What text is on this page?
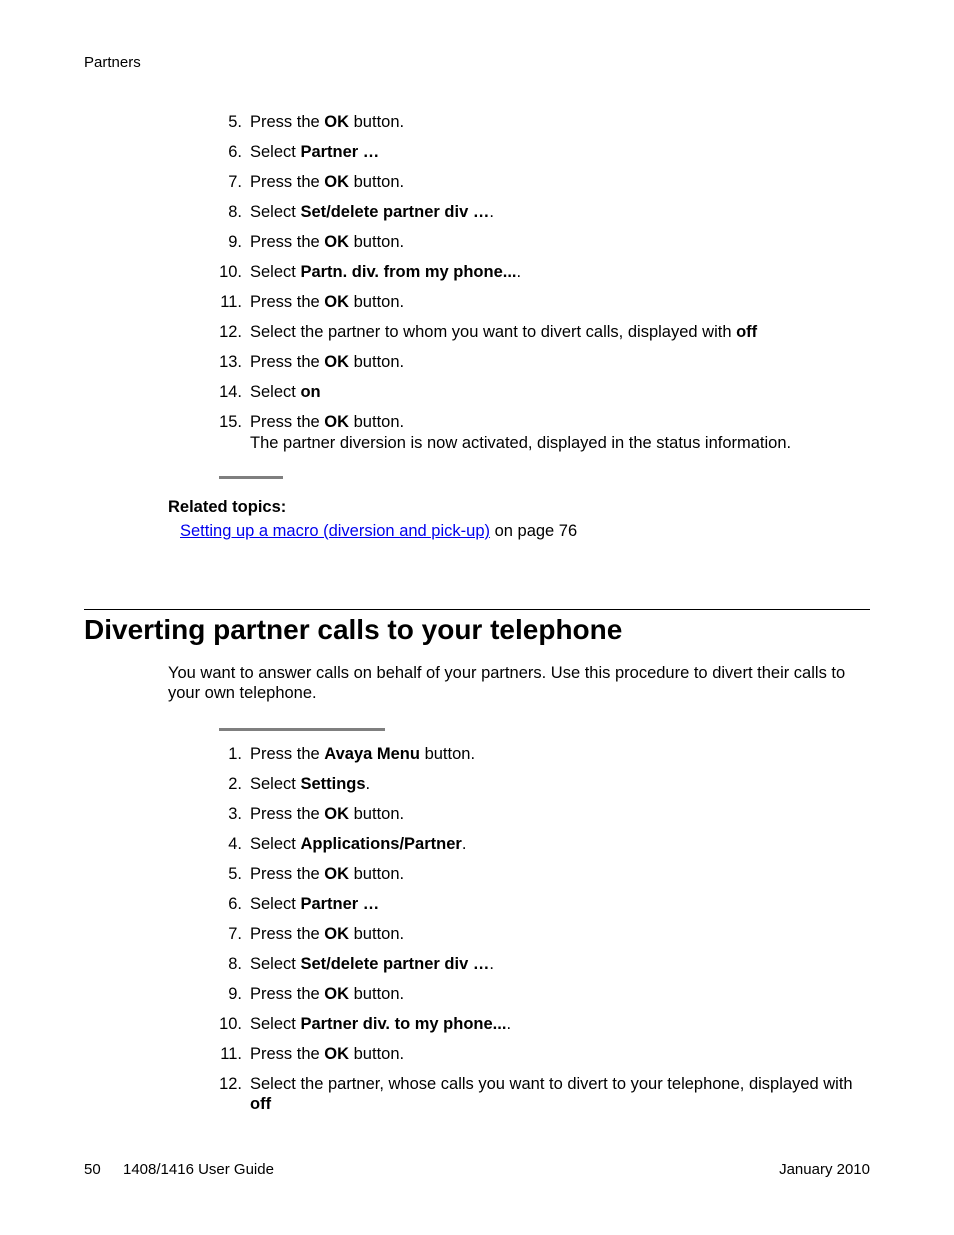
Partners
5. Press the OK button.
6. Select Partner …
7. Press the OK button.
8. Select Set/delete partner div ….
9. Press the OK button.
10. Select Partn. div. from my phone....
11. Press the OK button.
12. Select the partner to whom you want to divert calls, displayed with off
13. Press the OK button.
14. Select on
15. Press the OK button.
The partner diversion is now activated, displayed in the status information.
Related topics:
Setting up a macro (diversion and pick-up) on page 76
Diverting partner calls to your telephone

You want to answer calls on behalf of your partners. Use this procedure to divert their calls to your own telephone.

1. Press the Avaya Menu button.
2. Select Settings.
3. Press the OK button.
4. Select Applications/Partner.
5. Press the OK button.
6. Select Partner …
7. Press the OK button.
8. Select Set/delete partner div ….
9. Press the OK button.
10. Select Partner div. to my phone....
11. Press the OK button.
12. Select the partner, whose calls you want to divert to your telephone, displayed with off
50 1408/1416 User Guide	January 2010
